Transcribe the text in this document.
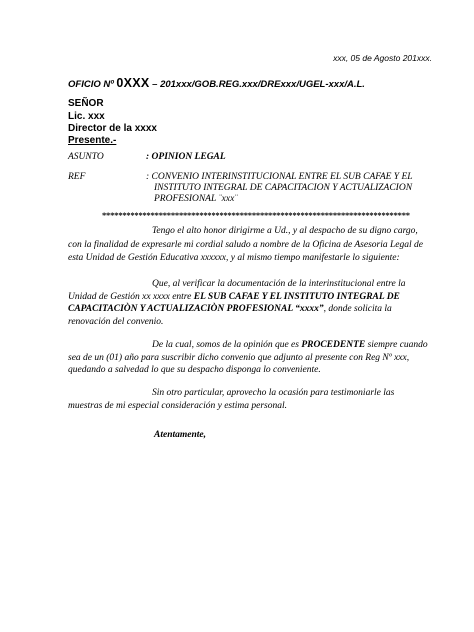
xxx, 05 de Agosto 201xxx.
OFICIO Nº 0XXX – 201xxx/GOB.REG.xxx/DRExxx/UGEL-xxx/A.L.
SEÑOR
Lic. xxx
Director de la xxxx
Presente.-
ASUNTO	: OPINION LEGAL
REF	: CONVENIO INTERINSTITUCIONAL ENTRE EL SUB CAFAE Y EL
INSTITUTO INTEGRAL DE CAPACITACION Y ACTUALIZACION
PROFESIONAL ¨xxx¨
****************************************************************************
Tengo el alto honor dirigirme a Ud., y al despacho de su digno cargo,
con la finalidad de expresarle mi cordial saludo a nombre de la Oficina de Asesoria Legal de
esta Unidad de Gestión Educativa xxxxxx, y al mismo tiempo manifestarle lo siguiente:
Que, al verificar la documentación de la interinstitucional entre la
Unidad de Gestión xx xxxx entre EL SUB CAFAE Y EL INSTITUTO INTEGRAL DE
CAPACITACIÒN Y ACTUALIZACIÒN PROFESIONAL “xxxx”, donde solicita la
renovación del convenio.
De la cual, somos de la opinión que es PROCEDENTE siempre cuando
sea de un (01) año para suscribir dicho convenio que adjunto al presente con Reg Nº xxx,
quedando a salvedad lo que su despacho disponga lo conveniente.
Sin otro particular, aprovecho la ocasión para testimoniarle las
muestras de mi especial consideración y estima personal.
Atentamente,
